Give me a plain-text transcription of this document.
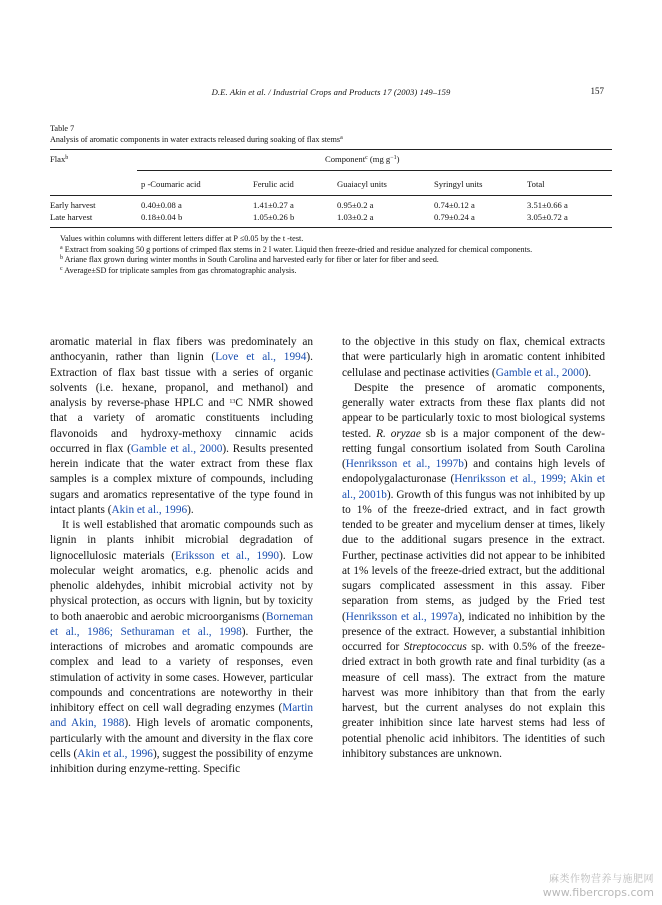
D.E. Akin et al. / Industrial Crops and Products 17 (2003) 149–159	157
Table 7
Analysis of aromatic components in water extracts released during soaking of flax stems$^a$
Flax$^b$	Component$^c$ (mg $g^{-1}$)
p -Coumaric acid	Ferulic acid	Guaiacyl units	Syringyl units	Total
Early harvest	0.40±0.08 a	1.41±0.27 a	0.95±0.2 a	0.74±0.12 a	3.51±0.66 a
Late harvest	0.18±0.04 b	1.05±0.26 b	1.03±0.2 a	0.79±0.24 a	3.05±0.72 a

Values within columns with different letters differ at P ≤0.05 by the t -test.

$^a$ Extract from soaking 50 g portions of crimped flax stems in 2 l water. Liquid then freeze-dried and residue analyzed for chemical components.

$^b$ Ariane flax grown during winter months in South Carolina and harvested early for fiber or later for fiber and seed.

$^c$ Average±SD for triplicate samples from gas chromatographic analysis.

aromatic material in flax fibers was predominately an anthocyanin, rather than lignin (Love et al., 1994). Extraction of flax bast tissue with a series of organic solvents (i.e. hexane, propanol, and methanol) and analysis by reverse-phase HPLC and $^{13}$C NMR showed that a variety of aromatic constituents including flavonoids and hydroxy-methoxy cinnamic acids occurred in flax (Gamble et al., 2000). Results presented herein indicate that the water extract from these flax samples is a complex mixture of compounds, including sugars and aromatics representative of the type found in intact plants (Akin et al., 1996).

It is well established that aromatic compounds such as lignin in plants inhibit microbial degradation of lignocellulosic materials (Eriksson et al., 1990). Low molecular weight aromatics, e.g. phenolic acids and phenolic aldehydes, inhibit microbial activity not by physical protection, as occurs with lignin, but by toxicity to both anaerobic and aerobic microorganisms (Borneman et al., 1986; Sethuraman et al., 1998). Further, the interactions of microbes and aromatic compounds are complex and lead to a variety of responses, even stimulation of activity in some cases. However, particular compounds and concentrations are noteworthy in their inhibitory effect on cell wall degrading enzymes (Martin and Akin, 1988). High levels of aromatic components, particularly with the amount and diversity in the flax core cells (Akin et al., 1996), suggest the possibility of enzyme inhibition during enzyme-retting. Specific

to the objective in this study on flax, chemical extracts that were particularly high in aromatic content inhibited cellulase and pectinase activities (Gamble et al., 2000).

Despite the presence of aromatic components, generally water extracts from these flax plants did not appear to be particularly toxic to most biological systems tested. R. oryzae sb is a major component of the dew-retting fungal consortium isolated from South Carolina (Henriksson et al., 1997b) and contains high levels of endopolygalacturonase (Henriksson et al., 1999; Akin et al., 2001b). Growth of this fungus was not inhibited by up to 1% of the freeze-dried extract, and in fact growth tended to be greater and mycelium denser at times, likely due to the additional sugars presence in the extract. Further, pectinase activities did not appear to be inhibited at 1% levels of the freeze-dried extract, but the additional sugars complicated assessment in this assay. Fiber separation from stems, as judged by the Fried test (Henriksson et al., 1997a), indicated no inhibition by the presence of the extract. However, a substantial inhibition occurred for Streptococcus sp. with 0.5% of the freeze-dried extract in both growth rate and final turbidity (as a measure of cell mass). The extract from the mature harvest was more inhibitory than that from the early harvest, but the current analyses do not explain this greater inhibition since late harvest stems had less of potential phenolic acid inhibitors. The identities of such inhibitory substances are unknown.

麻类作物营养与施肥网
www.fibercrops.com
